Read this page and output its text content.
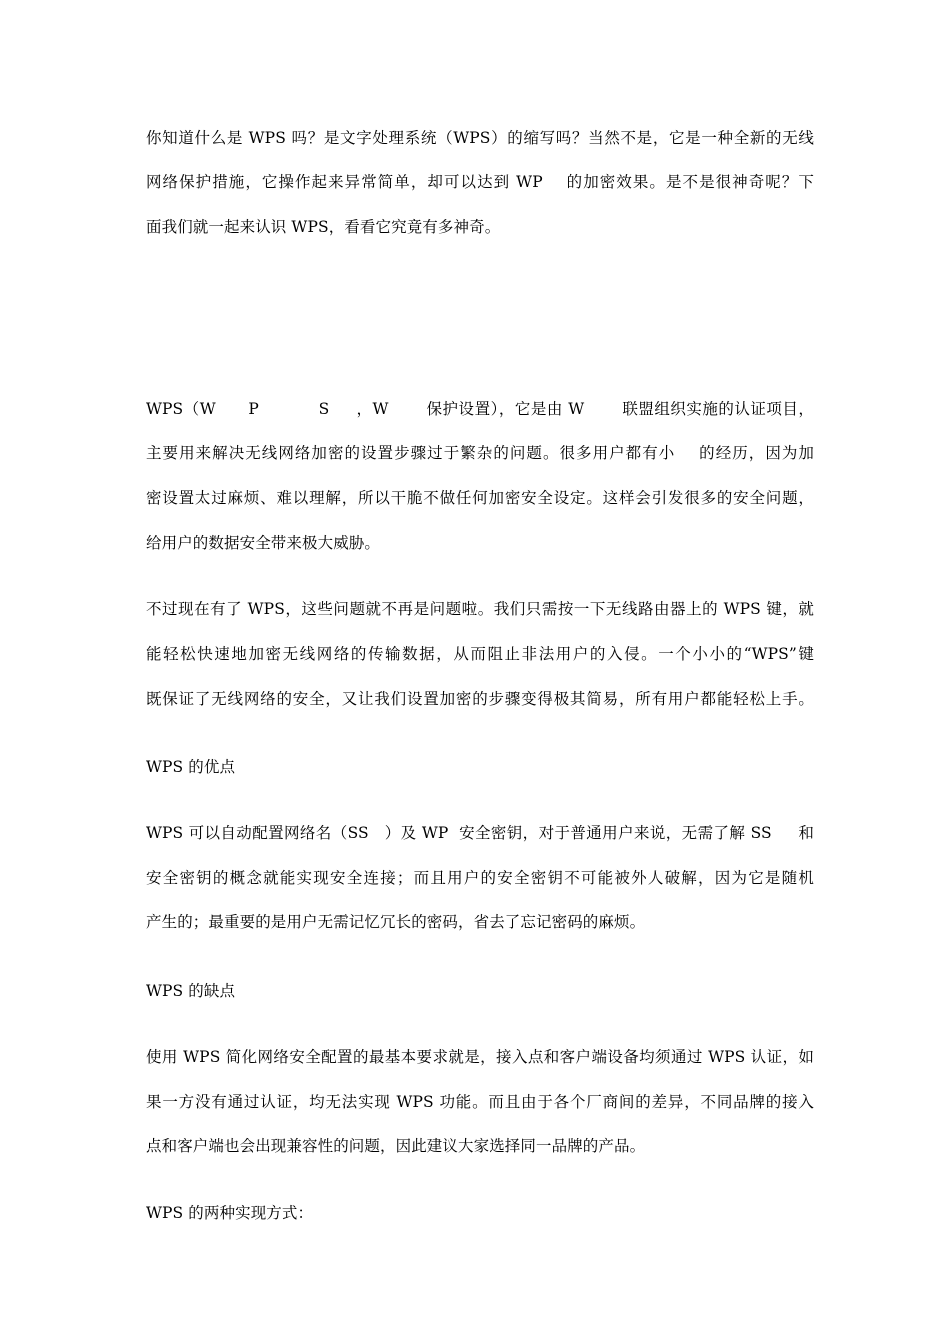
你知道什么是 WPS 吗？是文字处理系统（WPS）的缩写吗？当然不是，它是一种全新的无线
网络保护措施，它操作起来异常简单，却可以达到 WP    的加密效果。是不是很神奇呢？下
面我们就一起来认识 WPS，看看它究竟有多神奇。
WPS（W      P           S     ，W       保护设置），它是由 W       联盟组织实施的认证项目，
主要用来解决无线网络加密的设置步骤过于繁杂的问题。很多用户都有小    的经历，因为加
密设置太过麻烦、难以理解，所以干脆不做任何加密安全设定。这样会引发很多的安全问题，
给用户的数据安全带来极大威胁。
不过现在有了 WPS，这些问题就不再是问题啦。我们只需按一下无线路由器上的 WPS 键，就
能轻松快速地加密无线网络的传输数据，从而阻止非法用户的入侵。一个小小的“WPS”键
既保证了无线网络的安全，又让我们设置加密的步骤变得极其简易，所有用户都能轻松上手。
WPS 的优点
WPS 可以自动配置网络名（SS   ）及 WP  安全密钥，对于普通用户来说，无需了解 SS     和
安全密钥的概念就能实现安全连接；而且用户的安全密钥不可能被外人破解，因为它是随机
产生的；最重要的是用户无需记忆冗长的密码，省去了忘记密码的麻烦。
WPS 的缺点
使用 WPS 简化网络安全配置的最基本要求就是，接入点和客户端设备均须通过 WPS 认证，如
果一方没有通过认证，均无法实现 WPS 功能。而且由于各个厂商间的差异，不同品牌的接入
点和客户端也会出现兼容性的问题，因此建议大家选择同一品牌的产品。
WPS 的两种实现方式：
